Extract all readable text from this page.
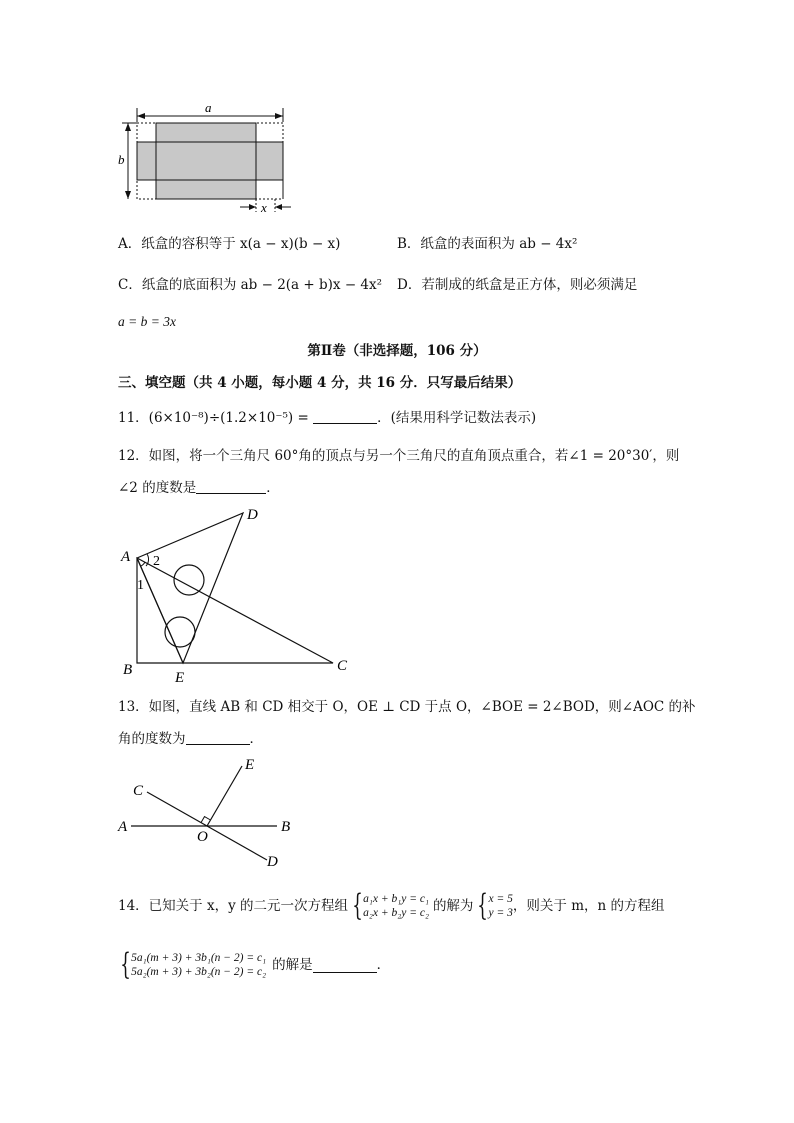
a
b
x
A．纸盒的容积等于 x(a − x)(b − x)	B．纸盒的表面积为 ab − 4x²
C．纸盒的底面积为 ab − 2(a + b)x − 4x² D．若制成的纸盒是正方体，则必须满足
a = b = 3x
第Ⅱ卷（非选择题，106 分）
三、填空题（共 4 小题，每小题 4 分，共 16 分．只写最后结果）
11．(6×10⁻⁸)÷(1.2×10⁻⁵) =	．(结果用科学记数法表示)
12．如图，将一个三角尺 60°角的顶点与另一个三角尺的直角顶点重合，若∠1 = 20°30′，则
∠2 的度数是	．
A
B	C
D
E
1
2
13．如图，直线 AB 和 CD 相交于 O，OE ⊥ CD 于点 O，∠BOE = 2∠BOD，则∠AOC 的补
角的度数为	．
C
E
A	B
O
D
14．已知关于 x，y 的二元一次方程组 { a₁x + b₁y = c₁
a₂x + b₂y = c₂ 的解为 { x = 5
y = 3 ，则关于 m，n 的方程组
{ 5a₁(m + 3) + 3b₁(n − 2) = c₁
5a₂(m + 3) + 3b₂(n − 2) = c₂ 的解是	．
